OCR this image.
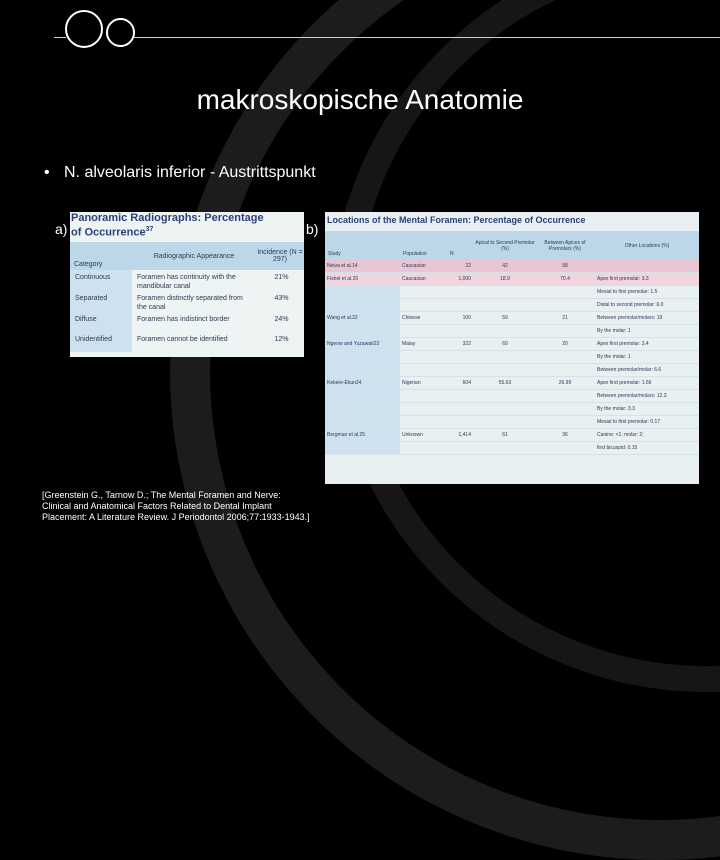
makroskopische Anatomie
• N. alveolaris inferior - Austrittspunkt
a)	b)
Panoramic Radiographs: Percentage
of Occurrence$^{37}$
Category	Radiographic Appearance	Incidence (N = 297)
Continuous	Foramen has continuity with the mandibular canal	21%
Separated	Foramen distinctly separated from the canal	43%
Diffuse	Foramen has indistinct border	24%
Unidentified	Foramen cannot be identified	12%
Locations of the Mental Foramen: Percentage of Occurrence
Study	Population	N	Apical to Second Premolar (%)	Between Apices of Premolars (%)	Other Locations (%)
Neiva et al.14	Caucasian	22	42	58	
Fishel et al.20	Caucasian	1,000	18.9	70.4	Apex first premolar: 3.3
					Mesial to first premolar: 1.5
					Distal to second premolar: 6.0
Wang et al.22	Chinese	100	59	21	Between premolar/molars: 19
					By the molar: 1
Ngeow and Yuzawati23	Malay	322	69	20	Apex first premolar: 3.4
					By the molar: 1
					Between premolar/molar: 6.6
Kekere-Ekun24	Nigerian	604	55.63	26.99	Apex first premolar: 1.66
					Between premolar/molars: 12.3
					By the molar: 3.3
					Mesial to first premolar: 0.17
Bergman et al.25	Unknown	1,414	61	36	Canine: <1; molar: 2;
					first bicuspid: 0.15
[Greenstein G., Tarnow D.; The Mental Foramen and Nerve: Clinical and Anatomical Factors Related to Dental Implant Placement: A Literature Review. J Periodontol 2006;77:1933-1943.]
